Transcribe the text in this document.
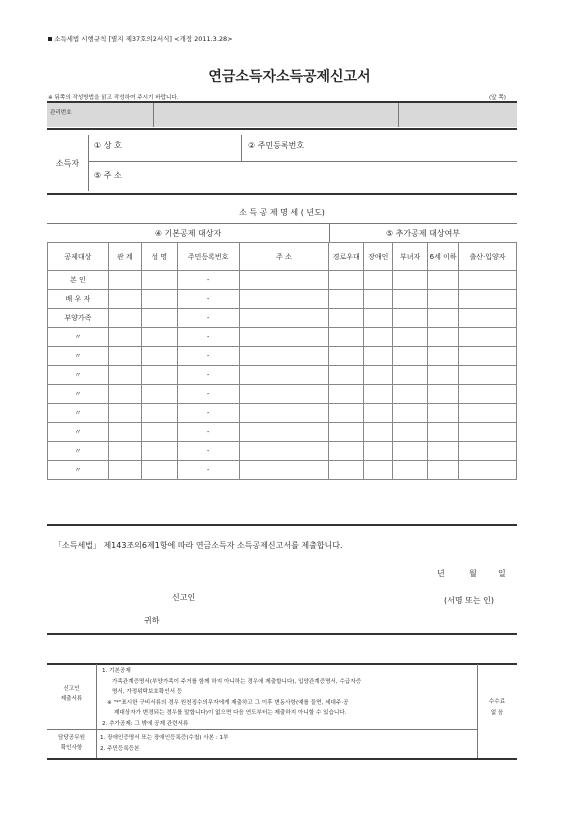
소득세법 시행규칙 [별지 제37호의2서식] <개정 2011.3.28>
연금소득자소득공제신고서
※ 뒤쪽의 작성방법을 읽고 작성하여 주시기 바랍니다.	(앞 쪽)
관리번호
소득자
① 상 호	② 주민등록번호
⑤ 주 소
소 득 공 제 명 세 ( 년도)
④ 기본공제 대상자	⑤ 추가공제 대상여부
공제대상	관 계	성 명	주민등록번호	주 소	경로우대	장애인	부녀자	6세 이하	출산·입양자
본 인			-						
배 우 자			-						
부양가족			-						
〃			-						
〃			-						
〃			-						
〃			-						
〃			-						
〃			-						
〃			-						
〃			-						
「소득세법」 제143조의6제1항에 따라 연금소득자 소득공제신고서를 제출합니다.
년	월	일
신고인	(서명 또는 인)
귀하
신고인
제출서류
1. 기본공제
가족관계증명서(부양가족이 주거를 함께 하지 아니하는 경우에 제출합니다), 입양관계증명서, 수급자증
명서, 가정위탁보호확인서 등
※ "*"표시한 구비서류의 경우 원천징수의무자에게 제출하고 그 이후 변동사항(예를 들면, 세대주·공
제대상자가 변경되는 경우를 말합니다)이 없으면 다음 연도부터는 제출하지 아니할 수 있습니다.
2. 추가공제: 그 밖에 공제 관련서류
수수료
없 음
담당공무원
확인사항
1. 장애인증명서 또는 장애인등록증(수첩) 사본 : 1부
2. 주민등록등본
